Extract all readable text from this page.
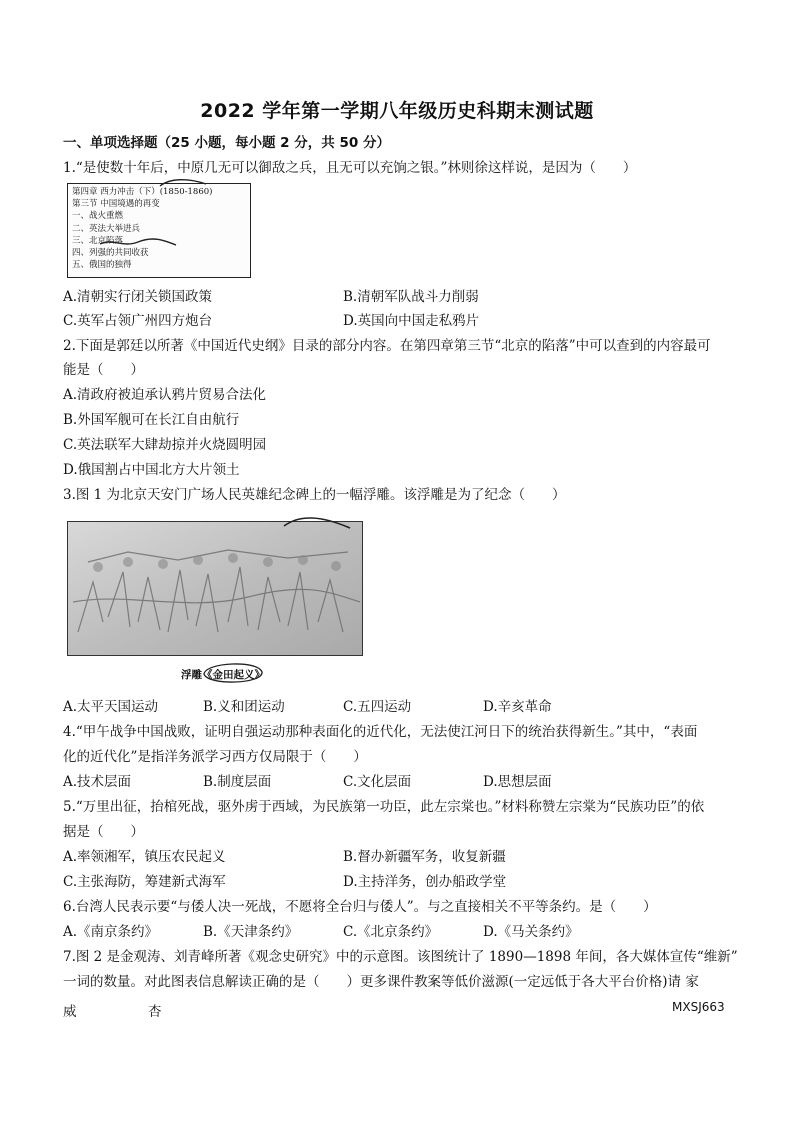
2022 学年第一学期八年级历史科期末测试题
一、单项选择题（25 小题，每小题 2 分，共 50 分）
1.“是使数十年后，中原几无可以御敌之兵，且无可以充饷之银。”林则徐这样说，是因为（　　）
第四章 西力冲击（下）(1850-1860)
第三节 中国境遇的再变
一、战火重燃
二、英法大举进兵
三、北京陷落
四、列强的共同收获
五、俄国的独得
A.清朝实行闭关锁国政策	B.清朝军队战斗力削弱
C.英军占领广州四方炮台	D.英国向中国走私鸦片
2.下面是郭廷以所著《中国近代史纲》目录的部分内容。在第四章第三节“北京的陷落”中可以查到的内容最可
能是（　　）
A.清政府被迫承认鸦片贸易合法化
B.外国军舰可在长江自由航行
C.英法联军大肆劫掠并火烧圆明园
D.俄国割占中国北方大片领土
3.图 1 为北京天安门广场人民英雄纪念碑上的一幅浮雕。该浮雕是为了纪念（　　）
浮雕《金田起义》
A.太平天国运动	B.义和团运动	C.五四运动	D.辛亥革命
4.“甲午战争中国战败，证明自强运动那种表面化的近代化，无法使江河日下的统治获得新生。”其中，“表面
化的近代化”是指洋务派学习西方仅局限于（　　）
A.技术层面	B.制度层面	C.文化层面	D.思想层面
5.“万里出征，抬棺死战，驱外虏于西域，为民族第一功臣，此左宗棠也。”材料称赞左宗棠为“民族功臣”的依
据是（　　）
A.率领湘军，镇压农民起义	B.督办新疆军务，收复新疆
C.主张海防，筹建新式海军	D.主持洋务，创办船政学堂
6.台湾人民表示要“与倭人决一死战，不愿将全台归与倭人”。与之直接相关不平等条约。是（　　）
A.《南京条约》	B.《天津条约》	C.《北京条约》	D.《马关条约》
7.图 2 是金观涛、刘青峰所著《观念史研究》中的示意图。该图统计了 1890—1898 年间，各大媒体宣传“维新”
一词的数量。对此图表信息解读正确的是（　　）更多课件教案等低价滋源(一定远低于各大平台价格)请 家
威	杏	MXSJ663
